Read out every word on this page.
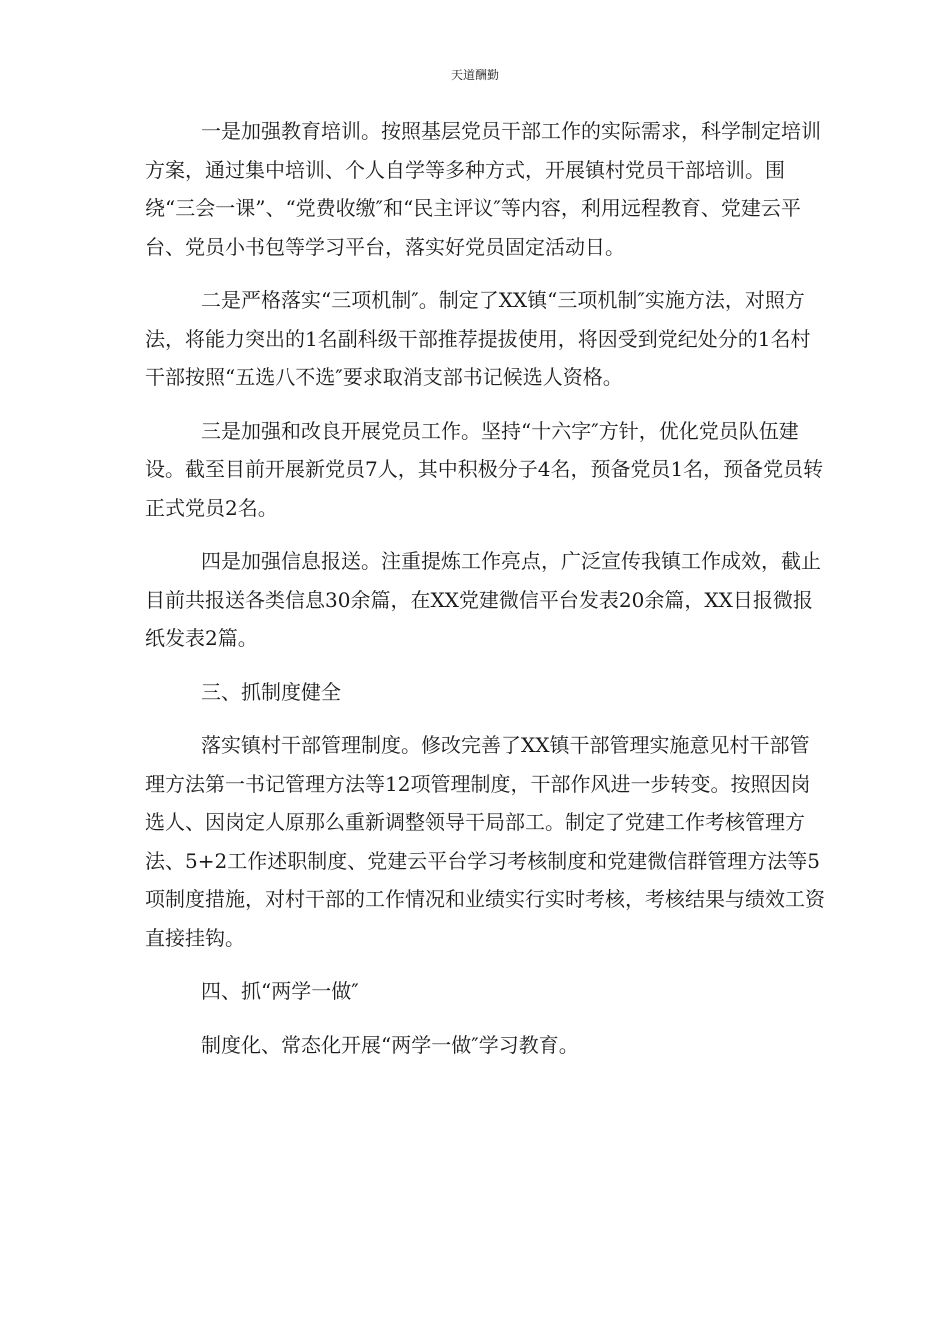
天道酬勤

一是加强教育培训。按照基层党员干部工作的实际需求，科学制定培训方案，通过集中培训、个人自学等多种方式，开展镇村党员干部培训。围绕“三会一课”、“党费收缴″和“民主评议″等内容，利用远程教育、党建云平台、党员小书包等学习平台，落实好党员固定活动日。

二是严格落实“三项机制″。制定了XX镇“三项机制″实施方法，对照方法，将能力突出的1名副科级干部推荐提拔使用，将因受到党纪处分的1名村干部按照“五选八不选″要求取消支部书记候选人资格。

三是加强和改良开展党员工作。坚持“十六字″方针，优化党员队伍建设。截至目前开展新党员7人，其中积极分子4名，预备党员1名，预备党员转正式党员2名。

四是加强信息报送。注重提炼工作亮点，广泛宣传我镇工作成效，截止目前共报送各类信息30余篇，在XX党建微信平台发表20余篇，XX日报微报纸发表2篇。

三、抓制度健全

落实镇村干部管理制度。修改完善了XX镇干部管理实施意见村干部管理方法第一书记管理方法等12项管理制度，干部作风进一步转变。按照因岗选人、因岗定人原那么重新调整领导干局部工。制定了党建工作考核管理方法、5+2工作述职制度、党建云平台学习考核制度和党建微信群管理方法等5项制度措施，对村干部的工作情况和业绩实行实时考核，考核结果与绩效工资直接挂钩。

四、抓“两学一做″

制度化、常态化开展“两学一做″学习教育。
